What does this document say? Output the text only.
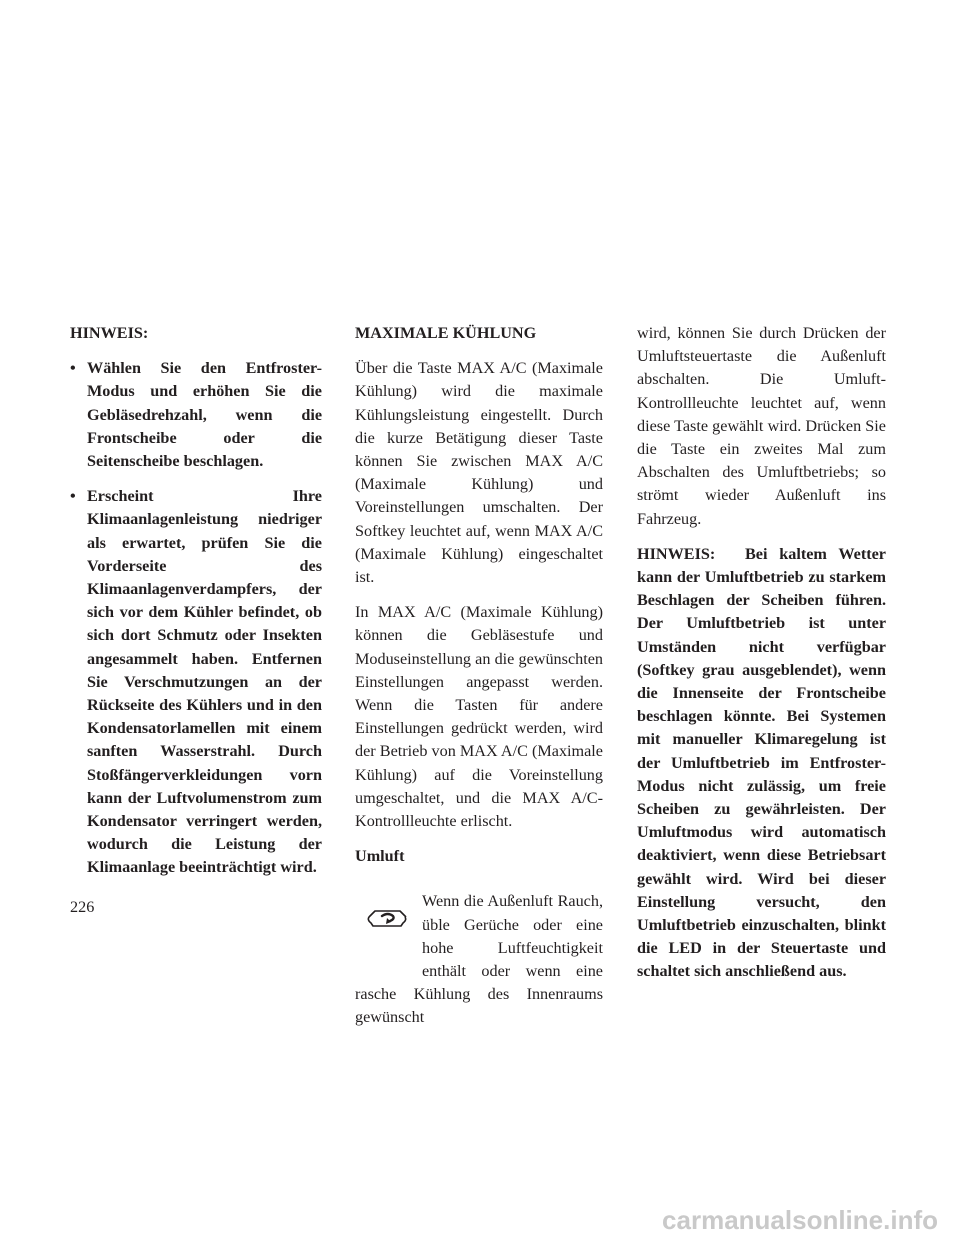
HINWEIS:

• Wählen Sie den Entfroster-Modus und erhöhen Sie die Gebläsedrehzahl, wenn die Frontscheibe oder die Seitenscheibe beschlagen.
• Erscheint Ihre Klimaanlagenleistung niedriger als erwartet, prüfen Sie die Vorderseite des Klimaanlagenverdampfers, der sich vor dem Kühler befindet, ob sich dort Schmutz oder Insekten angesammelt haben. Entfernen Sie Verschmutzungen an der Rückseite des Kühlers und in den Kondensatorlamellen mit einem sanften Wasserstrahl. Durch Stoßfängerverkleidungen vorn kann der Luftvolumenstrom zum Kondensator verringert werden, wodurch die Leistung der Klimaanlage beeinträchtigt wird.

MAXIMALE KÜHLUNG

Über die Taste MAX A/C (Maximale Kühlung) wird die maximale Kühlungsleistung eingestellt. Durch die kurze Betätigung dieser Taste können Sie zwischen MAX A/C (Maximale Kühlung) und Voreinstellungen umschalten. Der Softkey leuchtet auf, wenn MAX A/C (Maximale Kühlung) eingeschaltet ist.

In MAX A/C (Maximale Kühlung) können die Gebläsestufe und Moduseinstellung an die gewünschten Einstellungen angepasst werden. Wenn die Tasten für andere Einstellungen gedrückt werden, wird der Betrieb von MAX A/C (Maximale Kühlung) auf die Voreinstellung umgeschaltet, und die MAX A/C-Kontrollleuchte erlischt.

Umluft

Wenn die Außenluft Rauch, üble Gerüche oder eine hohe Luftfeuchtigkeit enthält oder wenn eine rasche Kühlung des Innenraums gewünscht

wird, können Sie durch Drücken der Umluftsteuertaste die Außenluft abschalten. Die Umluft-Kontrollleuchte leuchtet auf, wenn diese Taste gewählt wird. Drücken Sie die Taste ein zweites Mal zum Abschalten des Umluftbetriebs; so strömt wieder Außenluft ins Fahrzeug.

HINWEIS: Bei kaltem Wetter kann der Umluftbetrieb zu starkem Beschlagen der Scheiben führen. Der Umluftbetrieb ist unter Umständen nicht verfügbar (Softkey grau ausgeblendet), wenn die Innenseite der Frontscheibe beschlagen könnte. Bei Systemen mit manueller Klimaregelung ist der Umluftbetrieb im Entfroster-Modus nicht zulässig, um freie Scheiben zu gewährleisten. Der Umluftmodus wird automatisch deaktiviert, wenn diese Betriebsart gewählt wird. Wird bei dieser Einstellung versucht, den Umluftbetrieb einzuschalten, blinkt die LED in der Steuertaste und schaltet sich anschließend aus.

226
carmanualsonline.info
